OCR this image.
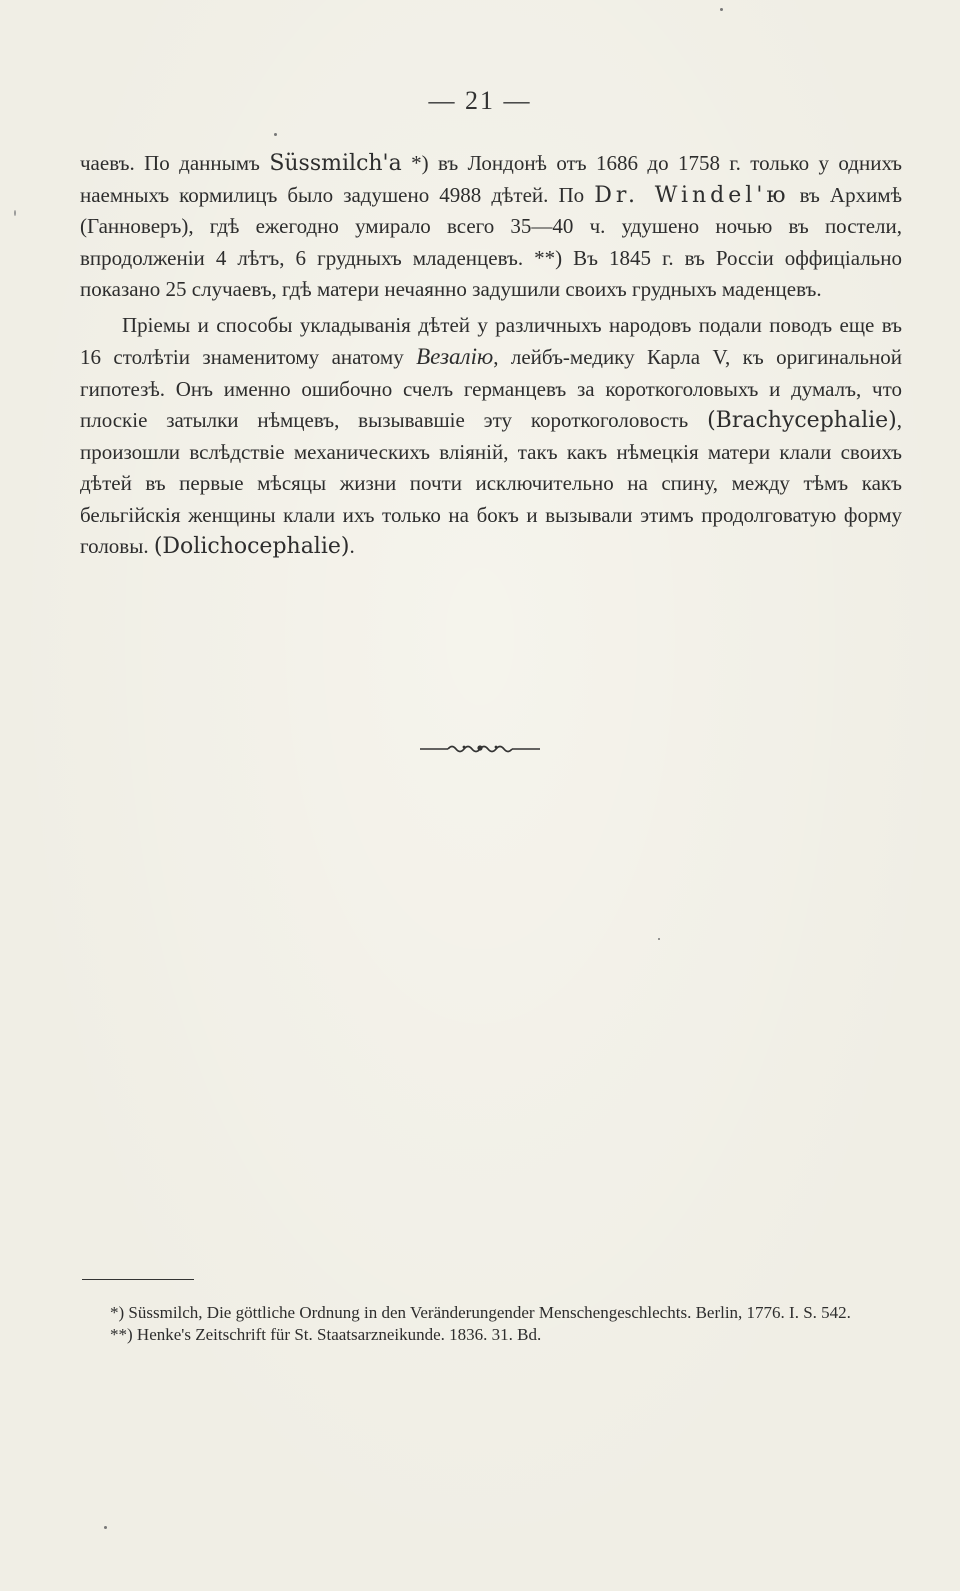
— 21 —

чаевъ. По даннымъ Süssmilch'a *) въ Лондонѣ отъ 1686 до 1758 г. только у однихъ наемныхъ кормилицъ было задушено 4988 дѣтей. По Dr. Windel'ю въ Архимѣ (Ганноверъ), гдѣ ежегодно умирало всего 35—40 ч. удушено ночью въ постели, впродолженіи 4 лѣтъ, 6 грудныхъ младенцевъ. **) Въ 1845 г. въ Россіи оффиціально показано 25 случаевъ, гдѣ матери нечаянно задушили своихъ грудныхъ маденцевъ.

Пріемы и способы укладыванія дѣтей у различныхъ народовъ подали поводъ еще въ 16 столѣтіи знаменитому анатому Везалію, лейбъ-медику Карла V, къ оригинальной гипотезѣ. Онъ именно ошибочно счелъ германцевъ за короткоголовыхъ и думалъ, что плоскіе затылки нѣмцевъ, вызывавшіе эту короткоголовость (Brachycephalie), произошли вслѣдствіе механическихъ вліяній, такъ какъ нѣмецкія матери клали своихъ дѣтей въ первые мѣсяцы жизни почти исключительно на спину, между тѣмъ какъ бельгійскія женщины клали ихъ только на бокъ и вызывали этимъ продолговатую форму головы. (Dolichocephalie).

*) Süssmilch, Die göttliche Ordnung in den Veränderungender Menschengeschlechts. Berlin, 1776. I. S. 542.

**) Henke's Zeitschrift für St. Staatsarzneikunde. 1836. 31. Bd.
